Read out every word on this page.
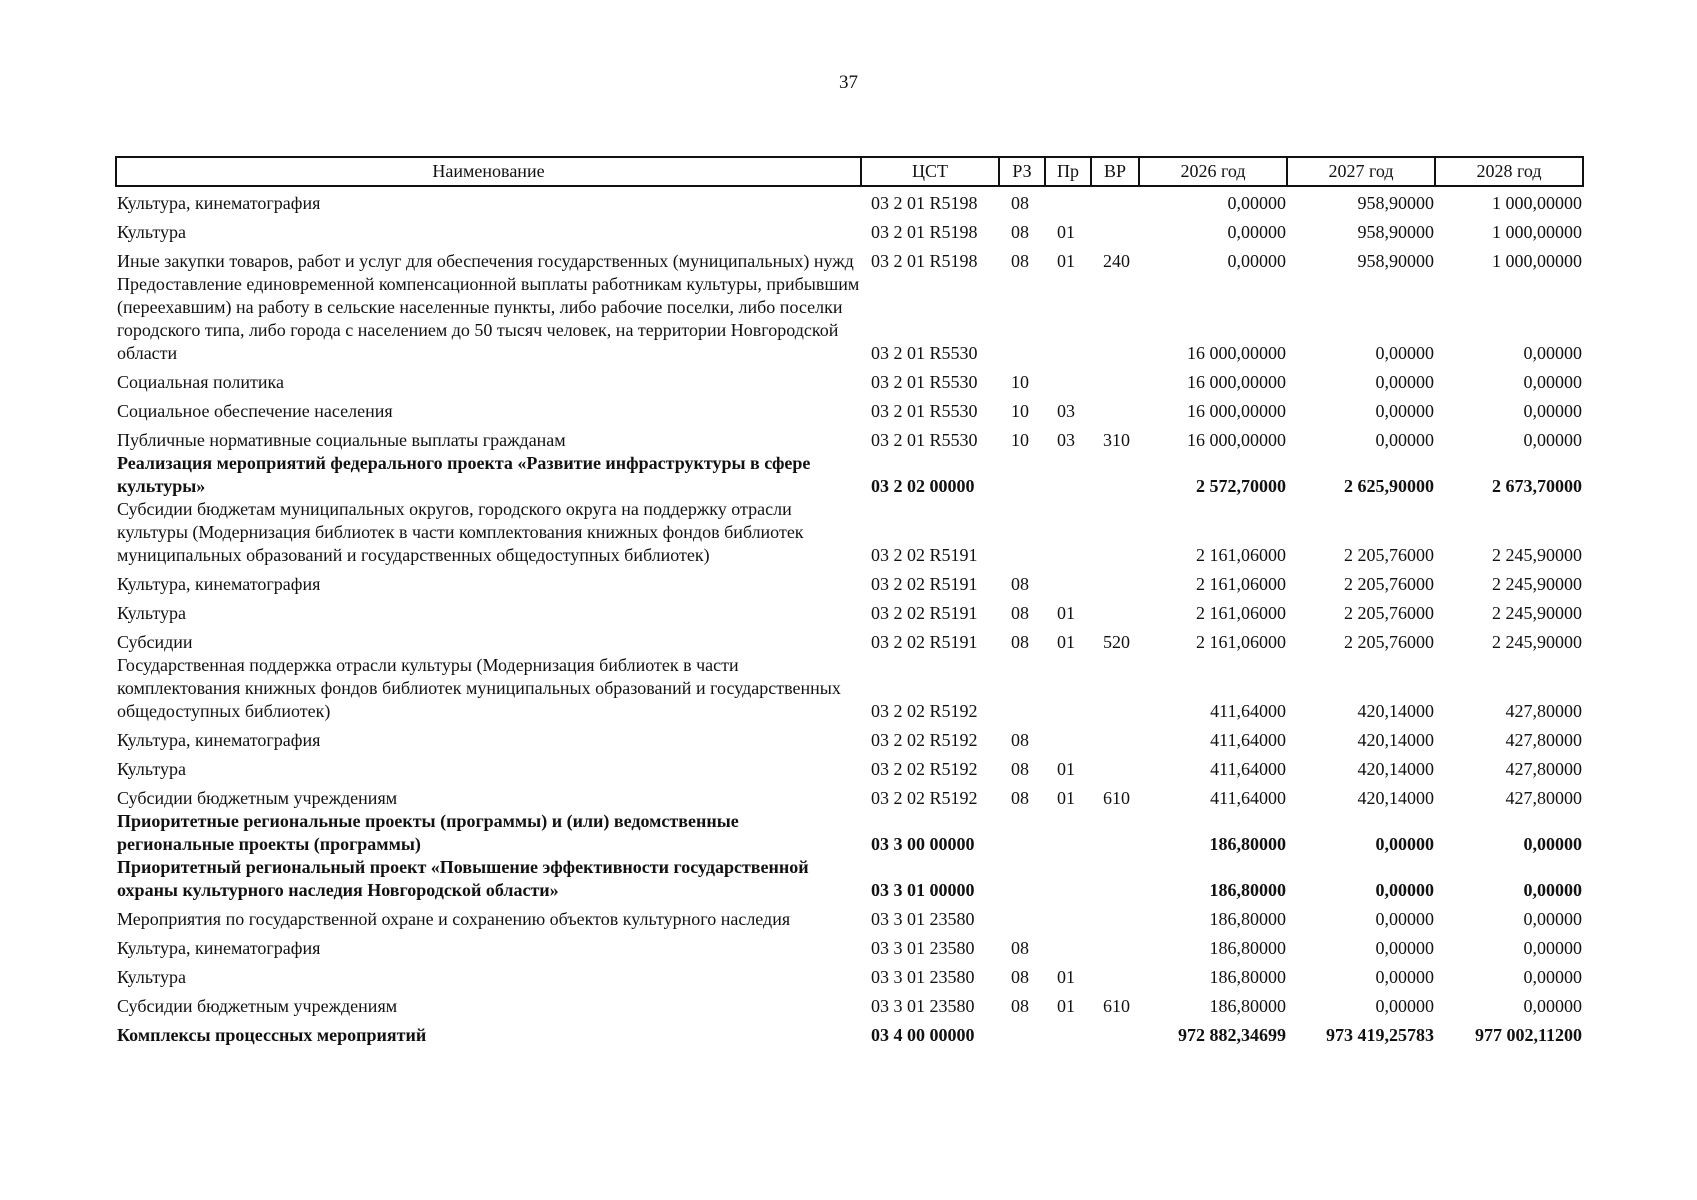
37
Наименование	ЦСТ	РЗ	Пр	ВР	2026 год	2027 год	2028 год
Культура, кинематография	03 2 01 R5198	08			0,00000	958,90000	1 000,00000
Культура	03 2 01 R5198	08	01		0,00000	958,90000	1 000,00000
Иные закупки товаров, работ и услуг для обеспечения государственных (муниципальных) нужд	03 2 01 R5198	08	01	240	0,00000	958,90000	1 000,00000
Предоставление единовременной компенсационной выплаты работникам культуры, прибывшим (переехавшим) на работу в сельские населенные пункты, либо рабочие поселки, либо поселки городского типа, либо города с населением до 50 тысяч человек, на территории Новгородской области	03 2 01 R5530				16 000,00000	0,00000	0,00000
Социальная политика	03 2 01 R5530	10			16 000,00000	0,00000	0,00000
Социальное обеспечение населения	03 2 01 R5530	10	03		16 000,00000	0,00000	0,00000
Публичные нормативные социальные выплаты гражданам	03 2 01 R5530	10	03	310	16 000,00000	0,00000	0,00000
Реализация мероприятий федерального проекта «Развитие инфраструктуры в сфере культуры»	03 2 02 00000				2 572,70000	2 625,90000	2 673,70000
Субсидии бюджетам муниципальных округов, городского округа на поддержку отрасли культуры (Модернизация библиотек в части комплектования книжных фондов библиотек муниципальных образований и государственных общедоступных библиотек)	03 2 02 R5191				2 161,06000	2 205,76000	2 245,90000
Культура, кинематография	03 2 02 R5191	08			2 161,06000	2 205,76000	2 245,90000
Культура	03 2 02 R5191	08	01		2 161,06000	2 205,76000	2 245,90000
Субсидии	03 2 02 R5191	08	01	520	2 161,06000	2 205,76000	2 245,90000
Государственная поддержка отрасли культуры (Модернизация библиотек в части комплектования книжных фондов библиотек муниципальных образований и государственных общедоступных библиотек)	03 2 02 R5192				411,64000	420,14000	427,80000
Культура, кинематография	03 2 02 R5192	08			411,64000	420,14000	427,80000
Культура	03 2 02 R5192	08	01		411,64000	420,14000	427,80000
Субсидии бюджетным учреждениям	03 2 02 R5192	08	01	610	411,64000	420,14000	427,80000
Приоритетные региональные проекты (программы) и (или) ведомственные региональные проекты (программы)	03 3 00 00000				186,80000	0,00000	0,00000
Приоритетный региональный проект «Повышение эффективности государственной охраны культурного наследия Новгородской области»	03 3 01 00000				186,80000	0,00000	0,00000
Мероприятия по государственной охране и сохранению объектов культурного наследия	03 3 01 23580				186,80000	0,00000	0,00000
Культура, кинематография	03 3 01 23580	08			186,80000	0,00000	0,00000
Культура	03 3 01 23580	08	01		186,80000	0,00000	0,00000
Субсидии бюджетным учреждениям	03 3 01 23580	08	01	610	186,80000	0,00000	0,00000
Комплексы процессных мероприятий	03 4 00 00000				972 882,34699	973 419,25783	977 002,11200
